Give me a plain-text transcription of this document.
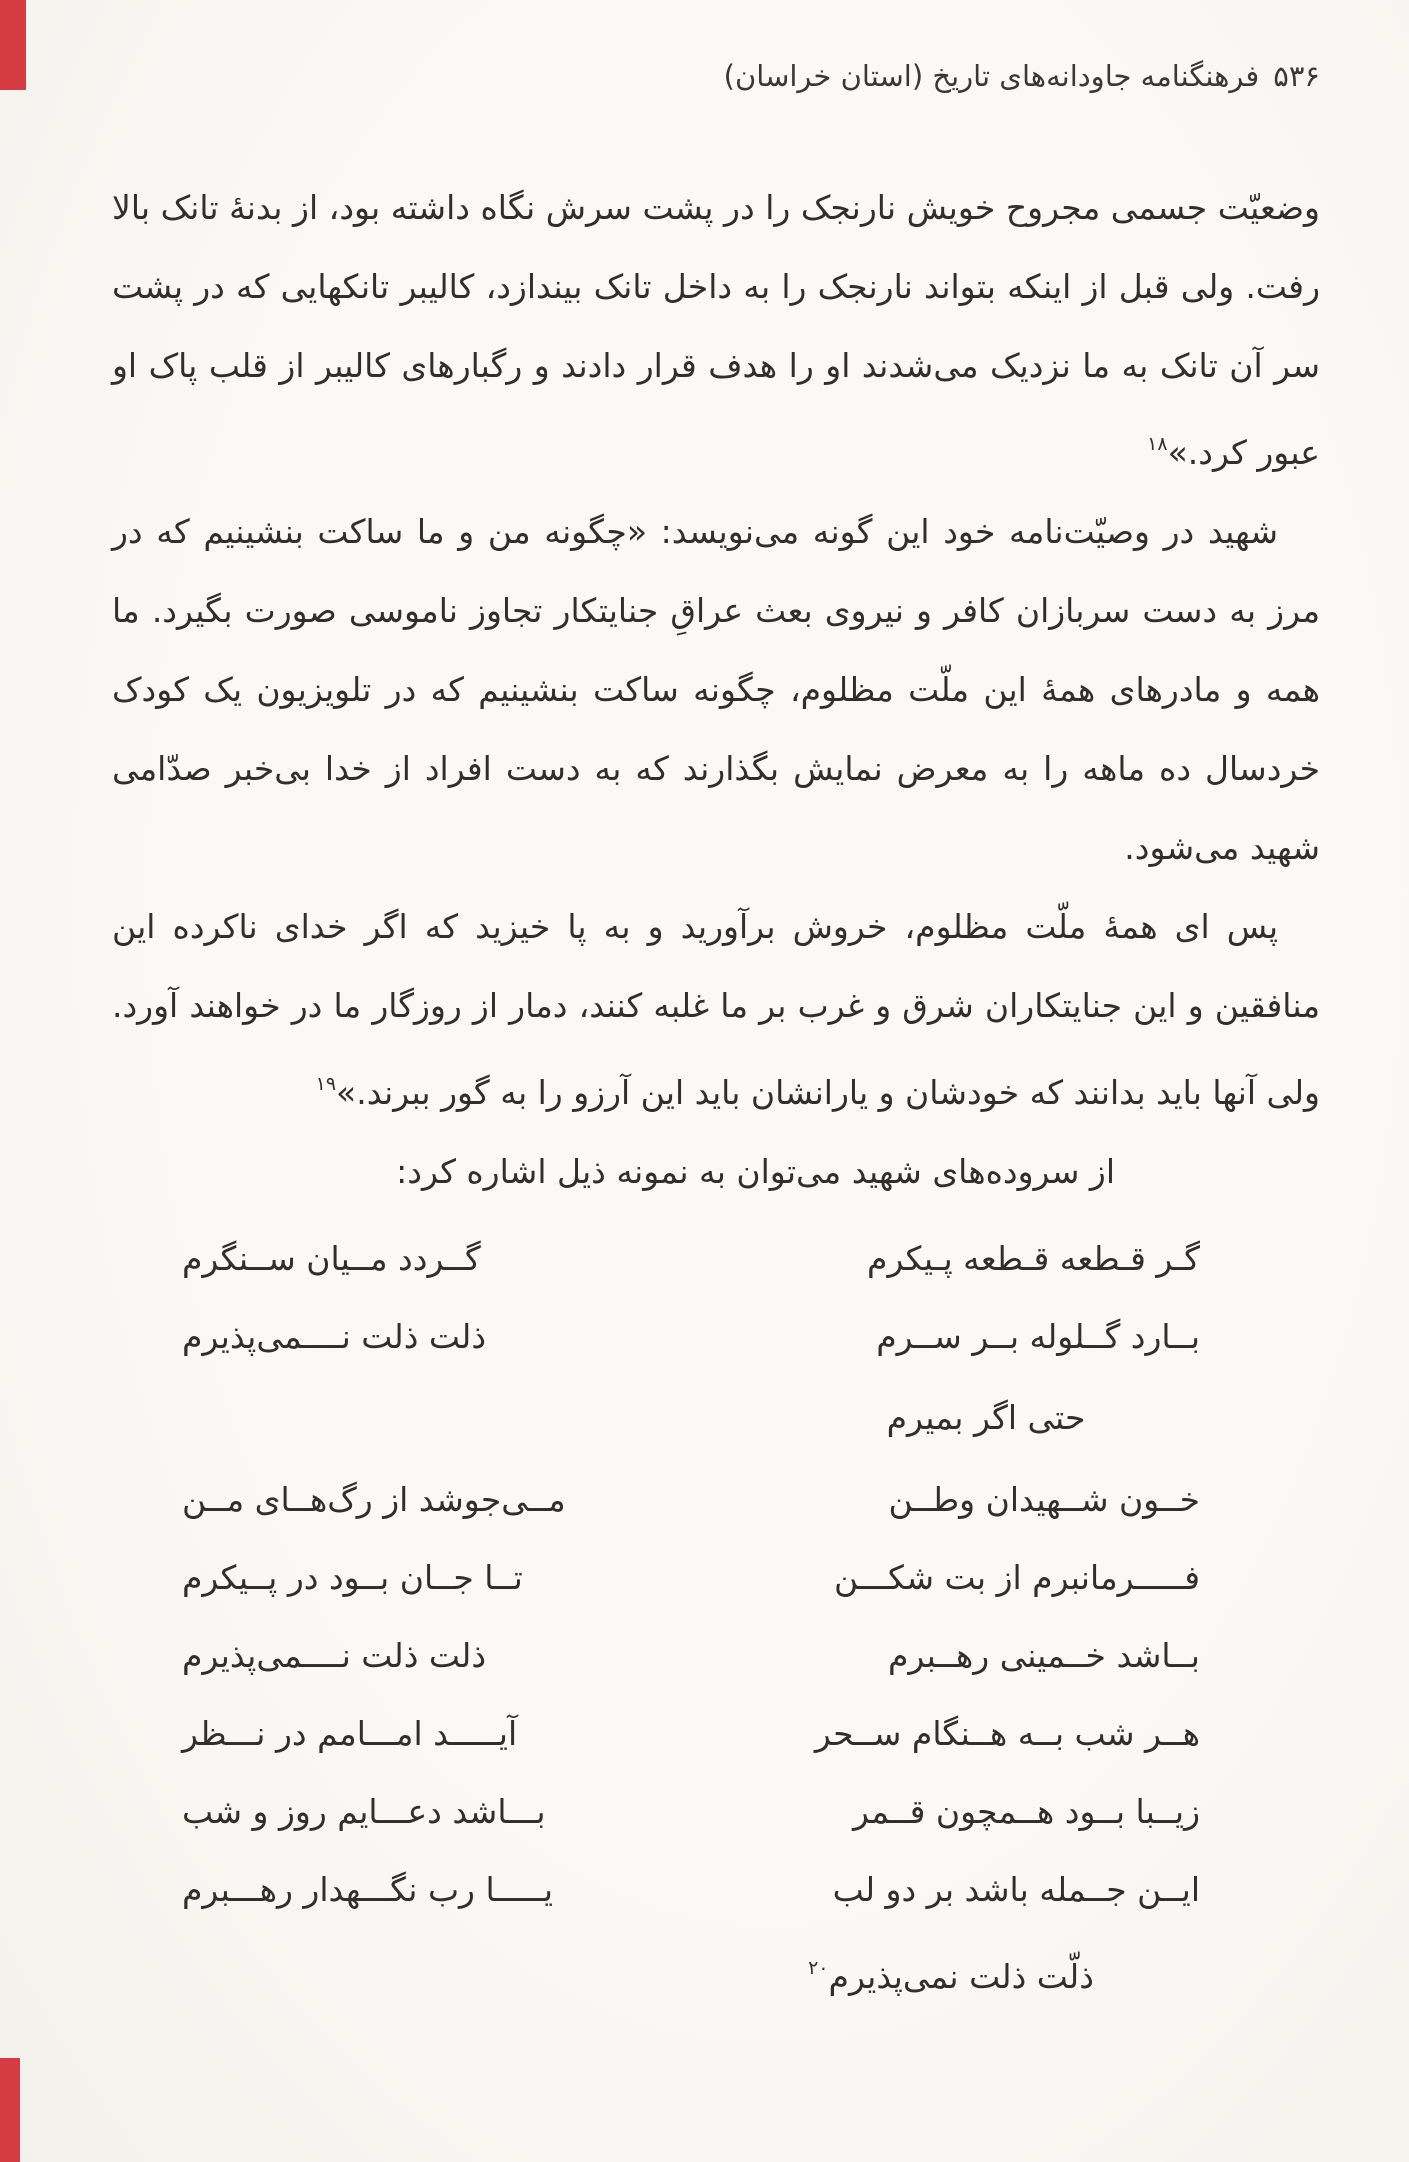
۵۳۶فرهنگنامه جاودانه‌های تاریخ (استان خراسان)

وضعیّت جسمی مجروح خویش نارنجک را در پشت سرش نگاه داشته بود، از بدنهٔ تانک بالا رفت. ولی قبل از اینکه بتواند نارنجک را به داخل تانک بیندازد، کالیبر تانکهایی که در پشت سر آن تانک به ما نزدیک می‌شدند او را هدف قرار دادند و رگبارهای کالیبر از قلب پاک او عبور کرد.»$^{۱۸}$

شهید در وصیّت‌نامه خود این گونه می‌نویسد: «چگونه من و ما ساکت بنشینیم که در مرز به دست سربازان کافر و نیروی بعث عراقِ جنایتکار تجاوز ناموسی صورت بگیرد. ما همه و مادرهای همهٔ این ملّت مظلوم، چگونه ساکت بنشینیم که در تلویزیون یک کودک خردسال ده ماهه را به معرض نمایش بگذارند که به دست افراد از خدا بی‌خبر صدّامی شهید می‌شود.

پس ای همهٔ ملّت مظلوم، خروش برآورید و به پا خیزید که اگر خدای ناکرده این منافقین و این جنایتکاران شرق و غرب بر ما غلبه کنند، دمار از روزگار ما در خواهند آورد. ولی آنها باید بدانند که خودشان و یارانشان باید این آرزو را به گور ببرند.»$^{۱۹}$

از سروده‌های شهید می‌توان به نمونه ذیل اشاره کرد:

گـر قـطعه قـطعه پـیکرم
گــردد مــیان ســنگرم
بــارد گــلوله بــر ســرم
ذلت ذلت نــــمی‌پذیرم
حتی اگر بمیرم
خــون شــهیدان وطــن
مــی‌جوشد از رگ‌هــای مــن
فـــــرمانبرم از بت شکـــن
تــا جــان بــود در پــیکرم
بــاشد خــمینی رهــبرم
ذلت ذلت نــــمی‌پذیرم
هــر شب بــه هــنگام ســحر
آیـــــد امـــامم در نـــظر
زیــبا بــود هــمچون قــمر
بـــاشد دعـــایم روز و شب
ایــن جــمله باشد بر دو لب
یـــــا رب نگـــهدار رهـــبرم
ذلّت ذلت نمی‌پذیرم$^{۲۰}$
